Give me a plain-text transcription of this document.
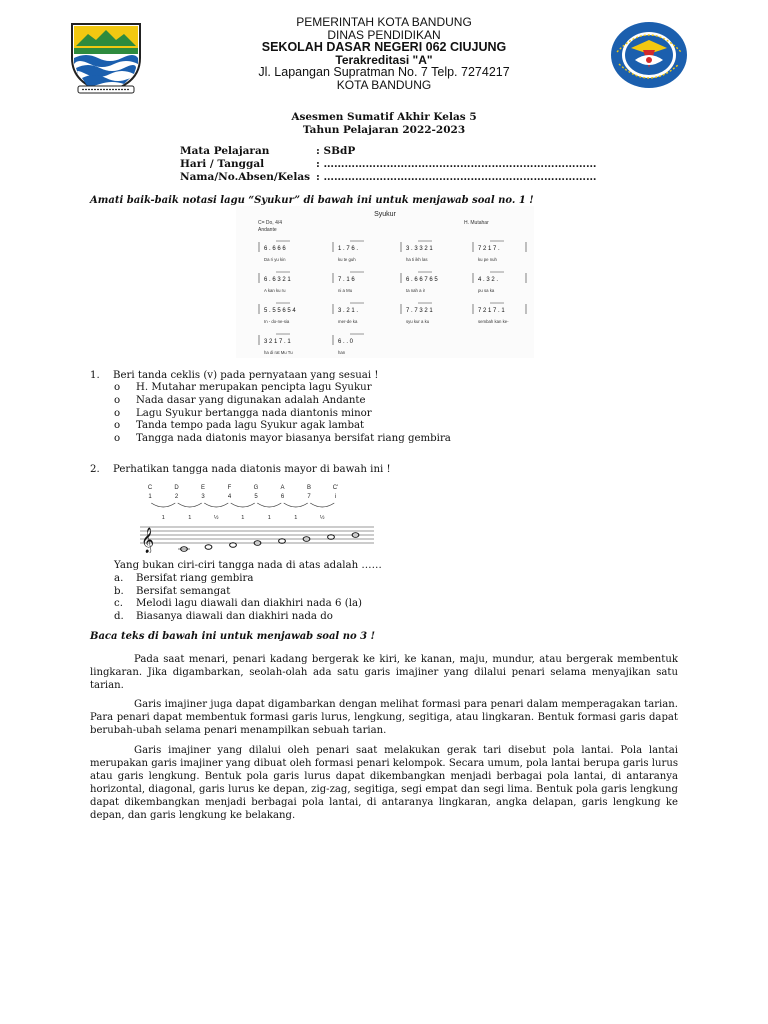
PEMERINTAH KOTA BANDUNG
DINAS PENDIDIKAN
SEKOLAH DASAR NEGERI 062 CIUJUNG
Terakreditasi "A"
Jl. Lapangan Supratman No. 7 Telp. 7274217
KOTA BANDUNG
Asesmen Sumatif Akhir Kelas 5
Tahun Pelajaran 2022-2023
Mata Pelajaran	: SBdP
Hari / Tanggal	: ……………………………………………………………………
Nama/No.Absen/Kelas : ……………………………………………………………………
Amati baik-baik notasi lagu “Syukur” di bawah ini untuk menjawab soal no. 1 !
Syukur
C= Do, 4/4
Andante
H. Mutahar
6 . 6 6 6	1 . 7 6 .	3 . 3 3 2 1	7 2 1 7 .
Da ri yu kin	ku te guh	ha ti ikh las	ku pe nuh
6 . 6 3 2 1	7 . 1 6	6 . 6 6 7 6 5	4 . 3 2 .
A kan ku ru	ni a Mu	ta nah a ir	pu sa ka
5 . 5 5 6 5 4	3 . 2 1 .	7 . 7 3 2 1	7 2 1 7 . 1
In - do-ne-sia	mer-de ka	syu kur a ku	sembah kan ke-
3 2 1 7 . 1	6 . . 0
ha di rat Mu Tu	han
1. Beri tanda ceklis (v) pada pernyataan yang sesuai !
o	H. Mutahar merupakan pencipta lagu Syukur
o	Nada dasar yang digunakan adalah Andante
o	Lagu Syukur bertangga nada diantonis minor
o	Tanda tempo pada lagu Syukur agak lambat
o	Tangga nada diatonis mayor biasanya bersifat riang gembira
2. Perhatikan tangga nada diatonis mayor di bawah ini !
C	D	E	F	G	A	B	C'
1	2	3	4	5	6	7	i
1	1	½	1	1	1	½
𝄞
Yang bukan ciri-ciri tangga nada di atas adalah ……
a.	Bersifat riang gembira
b.	Bersifat semangat
c.	Melodi lagu diawali dan diakhiri nada 6 (la)
d.	Biasanya diawali dan diakhiri nada do
Baca teks di bawah ini untuk menjawab soal no 3 !
Pada saat menari, penari kadang bergerak ke kiri, ke kanan, maju, mundur, atau bergerak membentuk lingkaran. Jika digambarkan, seolah-olah ada satu garis imajiner yang dilalui penari selama menyajikan satu tarian.
Garis imajiner juga dapat digambarkan dengan melihat formasi para penari dalam memperagakan tarian. Para penari dapat membentuk formasi garis lurus, lengkung, segitiga, atau lingkaran. Bentuk formasi garis dapat berubah-ubah selama penari menampilkan sebuah tarian.
Garis imajiner yang dilalui oleh penari saat melakukan gerak tari disebut pola lantai. Pola lantai merupakan garis imajiner yang dibuat oleh formasi penari kelompok. Secara umum, pola lantai berupa garis lurus atau garis lengkung. Bentuk pola garis lurus dapat dikembangkan menjadi berbagai pola lantai, di antaranya horizontal, diagonal, garis lurus ke depan, zig-zag, segitiga, segi empat dan segi lima. Bentuk pola garis lengkung dapat dikembangkan menjadi berbagai pola lantai, di antaranya lingkaran, angka delapan, garis lengkung ke depan, dan garis lengkung ke belakang.
